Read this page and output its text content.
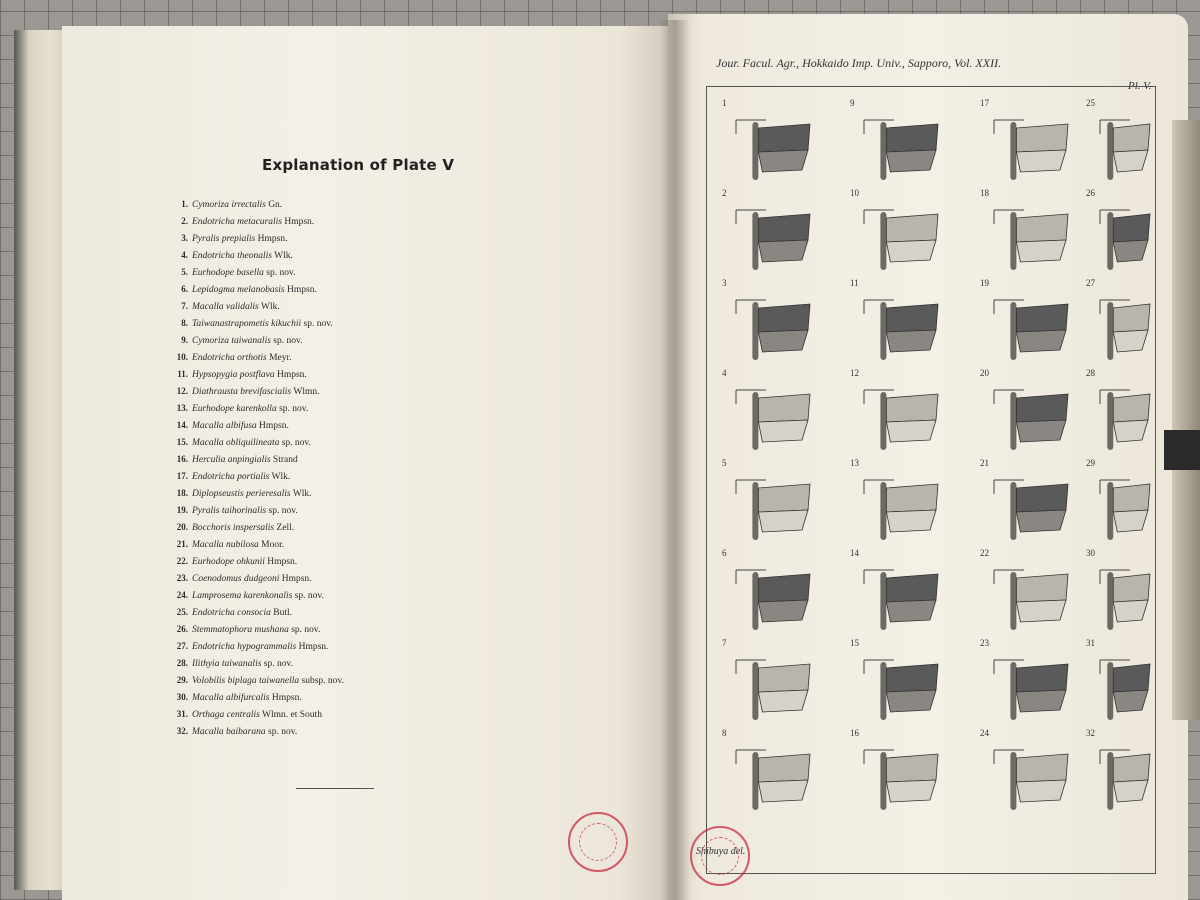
Explanation of Plate V
1. Cymoriza irrectalis Gn.
2. Endotricha metacuralis Hmpsn.
3. Pyralis prepialis Hmpsn.
4. Endotricha theonalis Wlk.
5. Eurhodope basella sp. nov.
6. Lepidogma melanobasis Hmpsn.
7. Macalla validalis Wlk.
8. Taiwanastrapometis kikuchii sp. nov.
9. Cymoriza taiwanalis sp. nov.
10. Endotricha orthotis Meyr.
11. Hypsopygia postflava Hmpsn.
12. Diathrausta brevifascialis Wlmn.
13. Eurhodope karenkolla sp. nov.
14. Macalla albifusa Hmpsn.
15. Macalla obliquilineata sp. nov.
16. Herculia anpingialis Strand
17. Endotricha portialis Wlk.
18. Diplopseustis perieresalis Wlk.
19. Pyralis taihorinalis sp. nov.
20. Bocchoris inspersalis Zell.
21. Macalla nubilosa Moor.
22. Eurhodope ohkunii Hmpsn.
23. Coenodomus dudgeoni Hmpsn.
24. Lamprosema karenkonalis sp. nov.
25. Endotricha consocia Butl.
26. Stemmatophora mushana sp. nov.
27. Endotricha hypogrammalis Hmpsn.
28. Ilithyia taiwanalis sp. nov.
29. Volobilis biplaga taiwanella subsp. nov.
30. Macalla albifurcalis Hmpsn.
31. Orthaga centralis Wlmn. et South
32. Macalla baibarana sp. nov.
Jour. Facul. Agr., Hokkaido Imp. Univ., Sapporo, Vol. XXII.
Pl. V.
1
2
3
4
5
6
7
8
9
10
11
12
13
14
15
16
17
18
19
20
21
22
23
24
25
26
27
28
29
30
31
32
Shibuya del.
